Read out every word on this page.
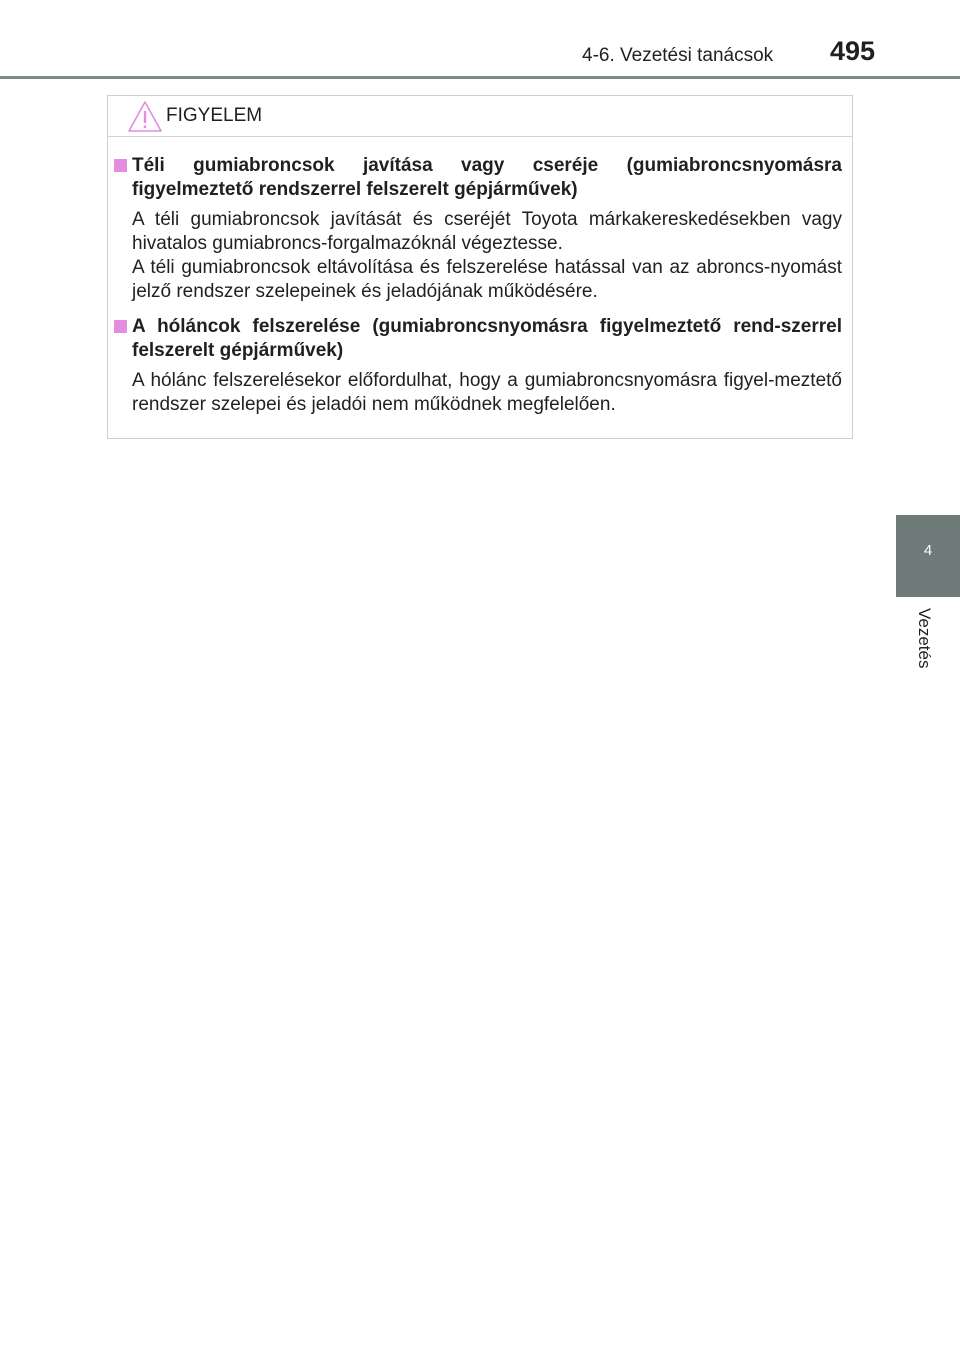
4-6. Vezetési tanácsok 495
4
Vezetés
FIGYELEM
Téli gumiabroncsok javítása vagy cseréje (gumiabroncsnyomásra figyelmeztető rendszerrel felszerelt gépjárművek)

A téli gumiabroncsok javítását és cseréjét Toyota márkakereskedésekben vagy hivatalos gumiabroncs-forgalmazóknál végeztesse.

A téli gumiabroncsok eltávolítása és felszerelése hatással van az abroncs-nyomást jelző rendszer szelepeinek és jeladójának működésére.

A hóláncok felszerelése (gumiabroncsnyomásra figyelmeztető rend-szerrel felszerelt gépjárművek)

A hólánc felszerelésekor előfordulhat, hogy a gumiabroncsnyomásra figyel-meztető rendszer szelepei és jeladói nem működnek megfelelően.
